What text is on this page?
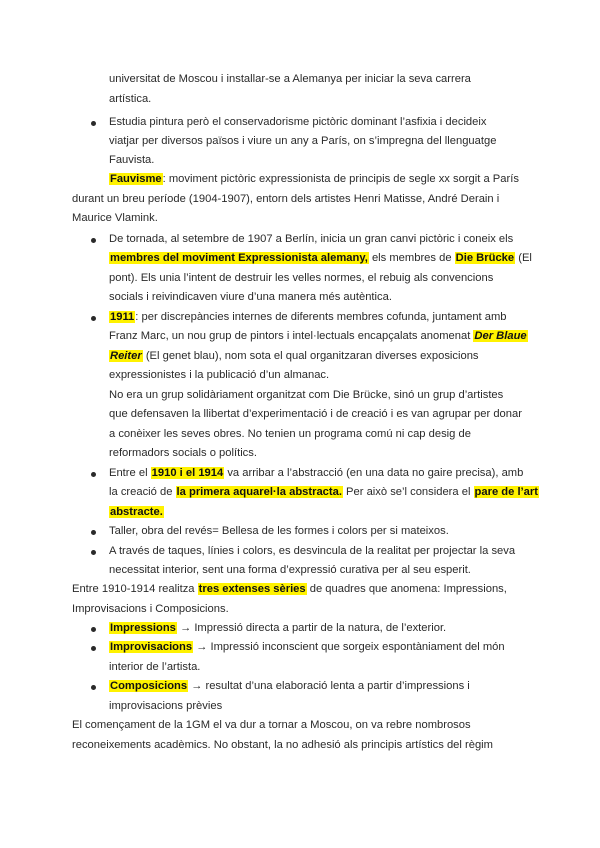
universitat de Moscou i installar-se a Alemanya per iniciar la seva carrera
artística.
Estudia pintura però el conservadorisme pictòric dominant l’asfixia i decideix
viatjar per diversos països i viure un any a París, on s’impregna del llenguatge
Fauvista.
Fauvisme: moviment pictòric expressionista de principis de segle xx sorgit a París
durant un breu període (1904-1907), entorn dels artistes Henri Matisse, André Derain i
Maurice Vlamink.
De tornada, al setembre de 1907 a Berlín, inicia un gran canvi pictòric i coneix els
membres del moviment Expressionista alemany, els membres de Die Brücke (El
pont). Els unia l’intent de destruir les velles normes, el rebuig als convencions
socials i reivindicaven viure d’una manera més autèntica.
1911: per discrepàncies internes de diferents membres cofunda, juntament amb
Franz Marc, un nou grup de pintors i intel·lectuals encapçalats anomenat Der Blaue
Reiter (El genet blau), nom sota el qual organitzaran diverses exposicions
expressionistes i la publicació d’un almanac.
No era un grup solidàriament organitzat com Die Brücke, sinó un grup d’artistes
que defensaven la llibertat d’experimentació i de creació i es van agrupar per donar
a conèixer les seves obres. No tenien un programa comú ni cap desig de
reformadors socials o polítics.
Entre el 1910 i el 1914 va arribar a l’abstracció (en una data no gaire precisa), amb
la creació de la primera aquarel·la abstracta. Per això se’l considera el pare de l’art
abstracte.
Taller, obra del revés= Bellesa de les formes i colors per si mateixos.
A través de taques, línies i colors, es desvincula de la realitat per projectar la seva
necessitat interior, sent una forma d’expressió curativa per al seu esperit.
Entre 1910-1914 realitza tres extenses sèries de quadres que anomena: Impressions,
Improvisacions i Composicions.
Impressions → Impressió directa a partir de la natura, de l’exterior.
Improvisacions → Impressió inconscient que sorgeix espontàniament del món
interior de l’artista.
Composicions → resultat d’una elaboració lenta a partir d’impressions i
improvisacions prèvies
El començament de la 1GM el va dur a tornar a Moscou, on va rebre nombrosos
reconeixements acadèmics. No obstant, la no adhesió als principis artístics del règim
